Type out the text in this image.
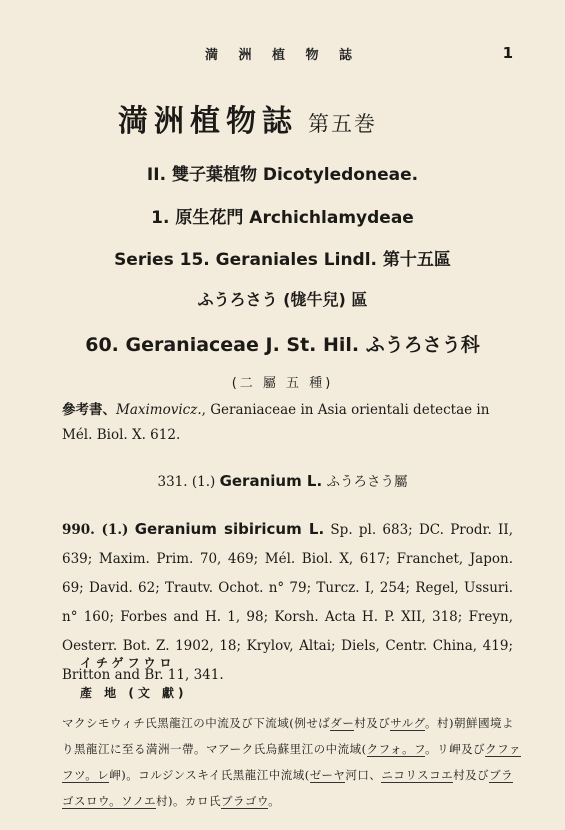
満 洲 植 物 誌	1
満洲植物誌 第五巻
II. 雙子葉植物 Dicotyledoneae.
1. 原生花門 Archichlamydeae
Series 15. Geraniales Lindl. 第十五區
ふうろさう (牻牛兒) 區
60. Geraniaceae J. St. Hil. ふうろさう科
(二 屬 五 種)
參考書、Maximovicz., Geraniaceae in Asia orientali detectae in Mél. Biol. X. 612.
331. (1.) Geranium L. ふうろさう屬
990. (1.) Geranium sibiricum L. Sp. pl. 683; DC. Prodr. II, 639; Maxim. Prim. 70, 469; Mél. Biol. X, 617; Franchet, Japon. 69; David. 62; Trautv. Ochot. n° 79; Turcz. I, 254; Regel, Ussuri. n° 160; Forbes and H. 1, 98; Korsh. Acta H. P. XII, 318; Freyn, Oesterr. Bot. Z. 1902, 18; Krylov, Altai; Diels, Centr. China, 419; Britton and Br. 11, 341.
イチゲフウロ
產 地 (文 獻)
マクシモウィチ氏黑龍江の中流及び下流域(例せばダー村及びサルグ。村)朝鮮國境より黑龍江に至る満洲一帶。マアーク氏烏蘇里江の中流域(クフォ。フ。リ岬及びクファフツ。レ岬)。コルジンスキイ氏黑龍江中流域(ゼーヤ河口、ニコリスコエ村及びブラゴスロウ。ソノエ村)。カロ氏ブラゴウ。
